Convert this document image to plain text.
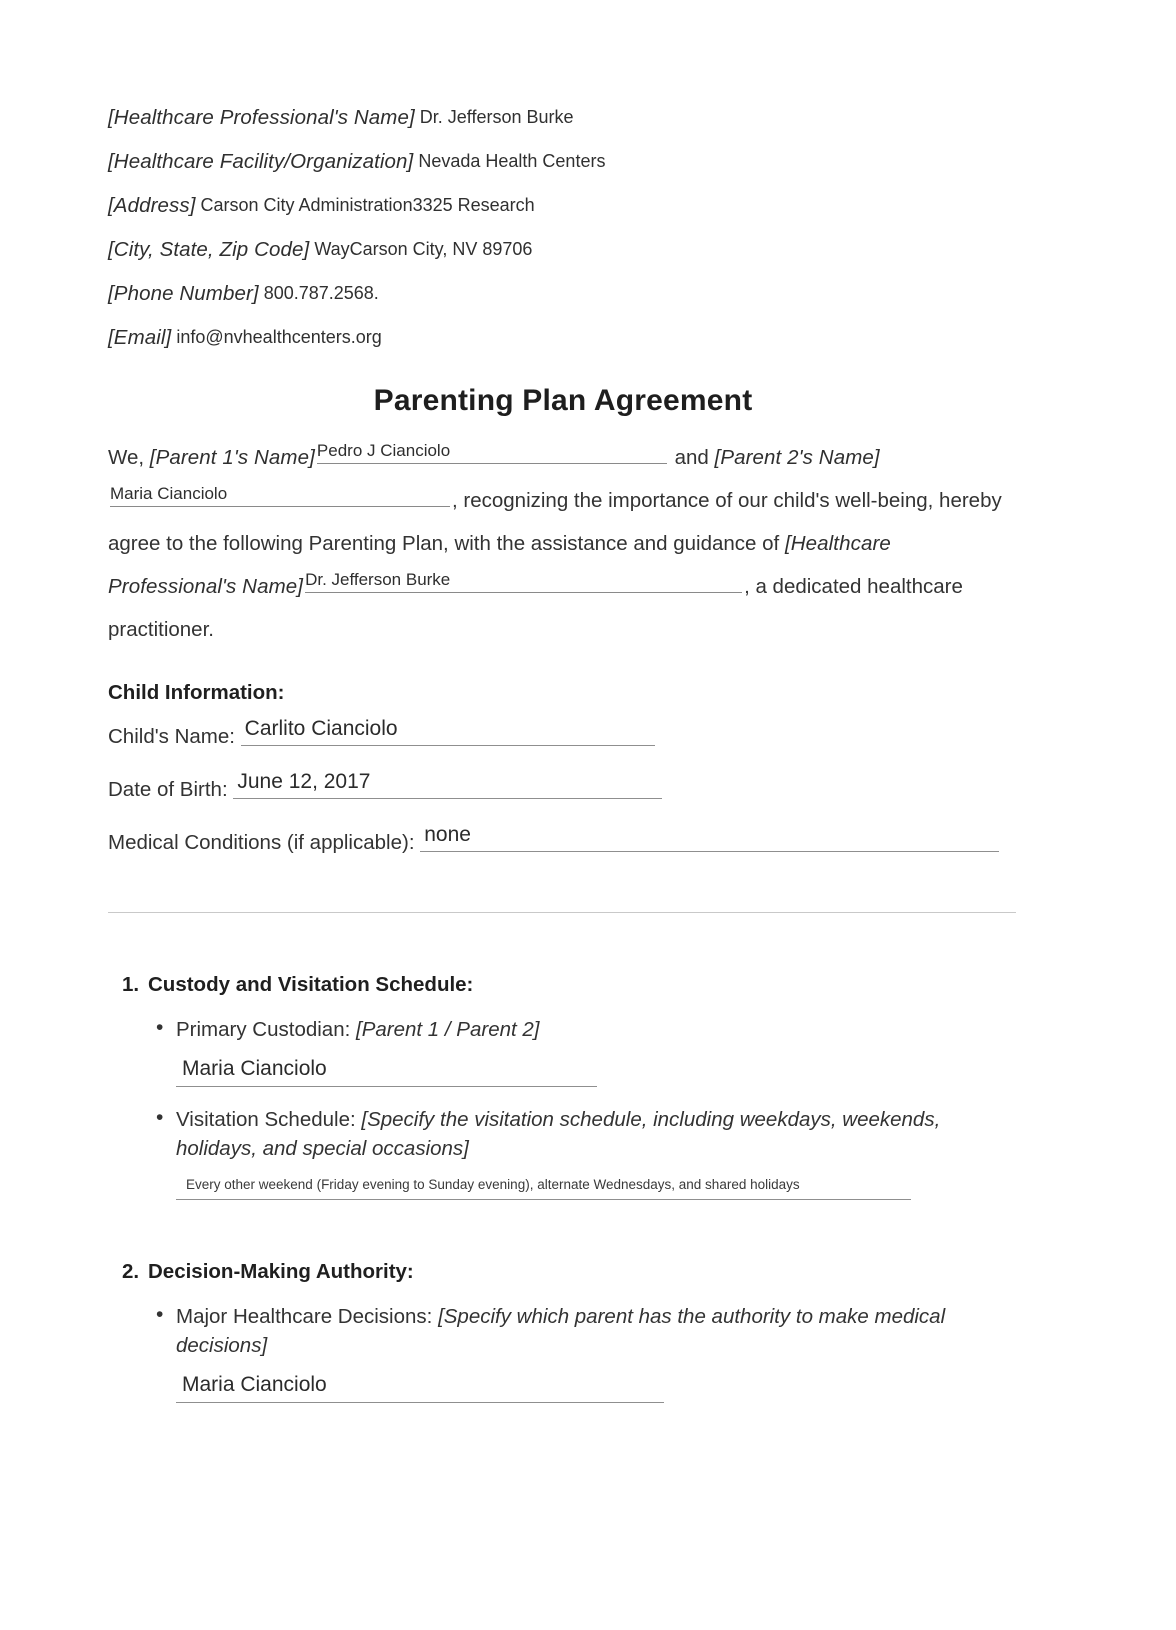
[Healthcare Professional's Name] Dr. Jefferson Burke
[Healthcare Facility/Organization] Nevada Health Centers
[Address] Carson City Administration3325 Research
[City, State, Zip Code] WayCarson City, NV 89706
[Phone Number] 800.787.2568.
[Email] info@nvhealthcenters.org
Parenting Plan Agreement
We, [Parent 1's Name] Pedro J Cianciolo	and [Parent 2's Name] Maria Cianciolo	, recognizing the importance of our child's well-being, hereby agree to the following Parenting Plan, with the assistance and guidance of [Healthcare Professional's Name] Dr. Jefferson Burke	, a dedicated healthcare practitioner.
Child Information:
Child's Name: Carlito Cianciolo
Date of Birth: June 12, 2017
Medical Conditions (if applicable): none
1. Custody and Visitation Schedule:
• Primary Custodian: [Parent 1 / Parent 2]
Maria Cianciolo
• Visitation Schedule: [Specify the visitation schedule, including weekdays, weekends, holidays, and special occasions]
Every other weekend (Friday evening to Sunday evening), alternate Wednesdays, and shared holidays
2. Decision-Making Authority:
• Major Healthcare Decisions: [Specify which parent has the authority to make medical decisions]
Maria Cianciolo
